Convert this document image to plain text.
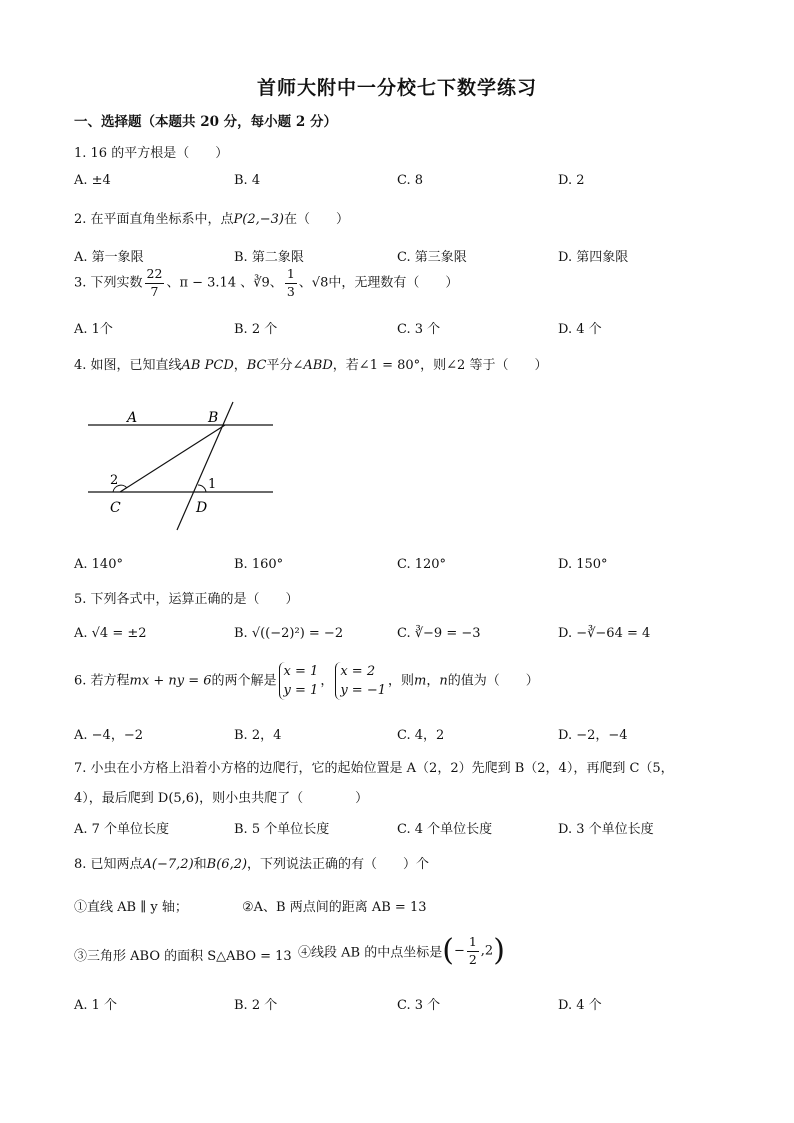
首师大附中一分校七下数学练习
一、选择题（本题共 20 分，每小题 2 分）
1. 16 的平方根是（　　）
A. ±4	B. 4	C. 8	D. 2
2. 在平面直角坐标系中，点P(2,−3)在（　　）
A. 第一象限	B. 第二象限	C. 第三象限	D. 第四象限
3. 下列实数 $\frac{22}{7}$ 、π − 3.14 、∛9、 $\frac{1}{3}$ 、√8中，无理数有（　　）
A. 1个	B. 2 个	C. 3 个	D. 4 个
4. 如图，已知直线AB PCD，BC平分∠ABD，若∠1 = 80°，则∠2 等于（　　）
A	B
C	D
1
2
A. 140°	B. 160°	C. 120°	D. 150°
5. 下列各式中，运算正确的是（　　）
A. √4 = ±2	B. √((−2)²) = −2	C. ∛−9 = −3	D. −∛−64 = 4
6. 若方程mx + ny = 6的两个解是
x = 1
y = 1
，
x = 2
y = −1
，则m，n的值为（　　）
A. −4，−2	B. 2，4	C. 4，2	D. −2，−4
7. 小虫在小方格上沿着小方格的边爬行，它的起始位置是 A（2，2）先爬到 B（2，4），再爬到 C（5，
4），最后爬到 D(5,6)，则小虫共爬了（　　　　）
A. 7 个单位长度	B. 5 个单位长度	C. 4 个单位长度	D. 3 个单位长度
8. 已知两点A(−7,2)和B(6,2)，下列说法正确的有（　　）个
①直线 AB ∥ y 轴；	②A、B 两点间的距离 AB = 13
③三角形 ABO 的面积 S△ABO = 13 ④线段 AB 的中点坐标是(− $\frac{1}{2} ,2$)
A. 1 个	B. 2 个	C. 3 个	D. 4 个
